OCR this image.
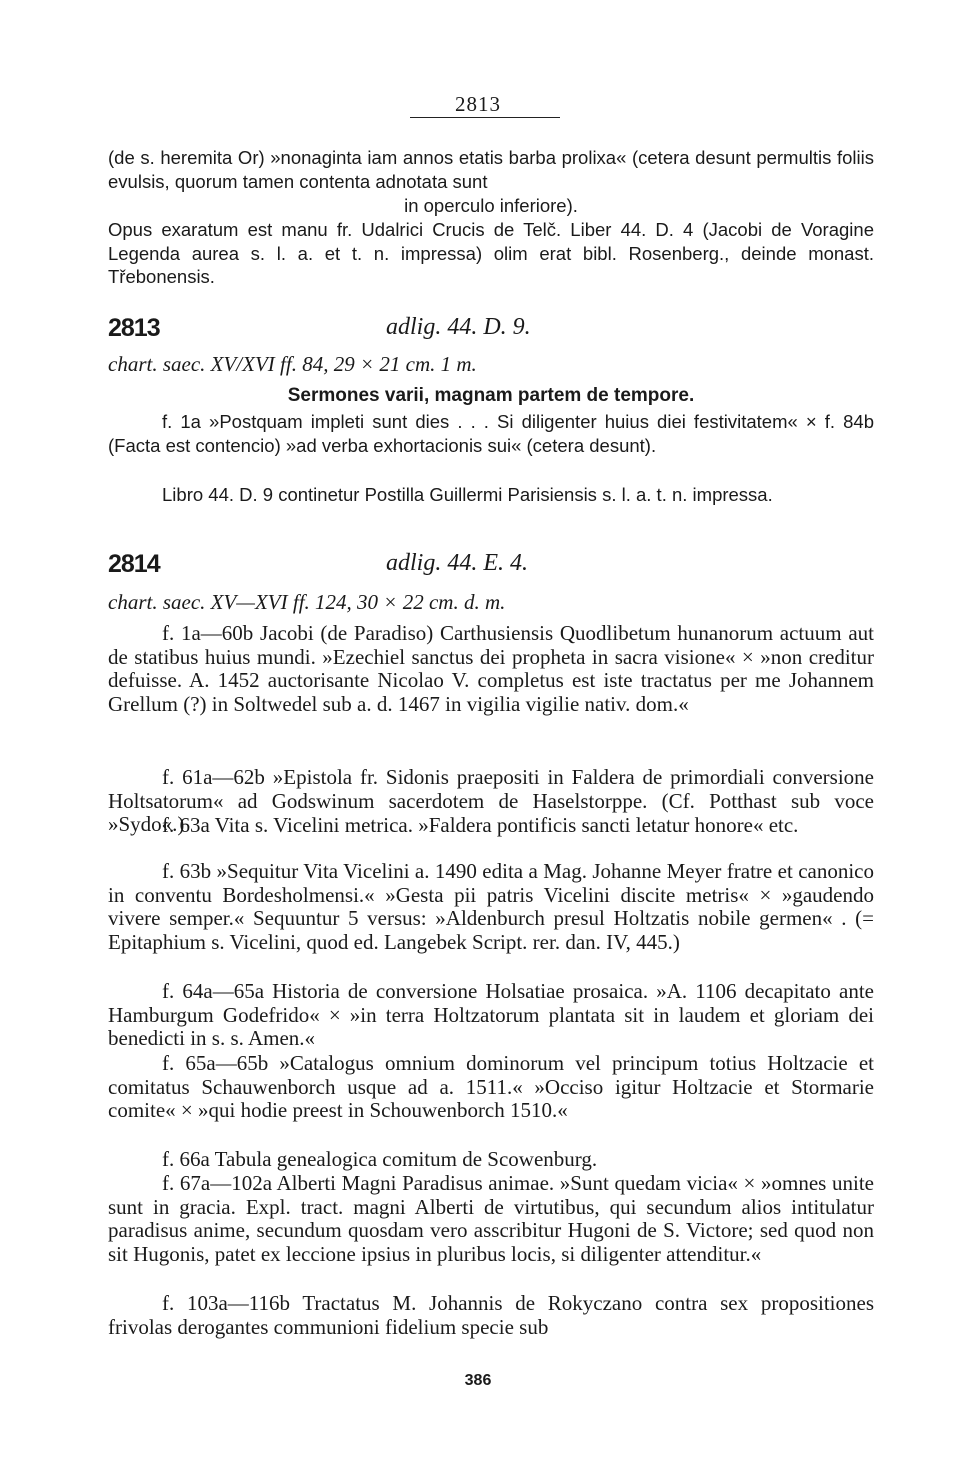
2813
(de s. heremita Or) »nonaginta iam annos etatis barba prolixa« (cetera desunt permultis foliis evulsis, quorum tamen contenta adnotata sunt
in operculo inferiore).
Opus exaratum est manu fr. Udalrici Crucis de Telč. Liber 44. D. 4 (Jacobi de Voragine Legenda aurea s. l. a. et t. n. impressa) olim erat bibl. Rosenberg., deinde monast. Třebonensis.
2813	adlig. 44. D. 9.
chart. saec. XV/XVI ff. 84, 29 × 21 cm. 1 m.
Sermones varii, magnam partem de tempore.
f. 1a »Postquam impleti sunt dies . . . Si diligenter huius diei festivitatem« × f. 84b (Facta est contencio) »ad verba exhortacionis sui« (cetera desunt).
Libro 44. D. 9 continetur Postilla Guillermi Parisiensis s. l. a. t. n. impressa.
2814	adlig. 44. E. 4.
chart. saec. XV—XVI ff. 124, 30 × 22 cm. d. m.
f. 1a—60b Jacobi (de Paradiso) Carthusiensis Quodlibetum hunanorum actuum aut de statibus huius mundi. »Ezechiel sanctus dei propheta in sacra visione« × »non creditur defuisse. A. 1452 auctorisante Nicolao V. completus est iste tractatus per me Johannem Grellum (?) in Soltwedel sub a. d. 1467 in vigilia vigilie nativ. dom.«
f. 61a—62b »Epistola fr. Sidonis praepositi in Faldera de primordiali conversione Holtsatorum« ad Godswinum sacerdotem de Haselstorppe. (Cf. Potthast sub voce »Sydo«.)
f. 63a Vita s. Vicelini metrica. »Faldera pontificis sancti letatur honore« etc.
f. 63b »Sequitur Vita Vicelini a. 1490 edita a Mag. Johanne Meyer fratre et canonico in conventu Bordesholmensi.« »Gesta pii patris Vicelini discite metris« × »gaudendo vivere semper.« Sequuntur 5 versus: »Aldenburch presul Holtzatis nobile germen« . (= Epitaphium s. Vicelini, quod ed. Langebek Script. rer. dan. IV, 445.)
f. 64a—65a Historia de conversione Holsatiae prosaica. »A. 1106 decapitato ante Hamburgum Godefrido« × »in terra Holtzatorum plantata sit in laudem et gloriam dei benedicti in s. s. Amen.«
f. 65a—65b »Catalogus omnium dominorum vel principum totius Holtzacie et comitatus Schauwenborch usque ad a. 1511.« »Occiso igitur Holtzacie et Stormarie comite« × »qui hodie preest in Schouwenborch 1510.«
f. 66a Tabula genealogica comitum de Scowenburg.
f. 67a—102a Alberti Magni Paradisus animae. »Sunt quedam vicia« × »omnes unite sunt in gracia. Expl. tract. magni Alberti de virtutibus, qui secundum alios intitulatur paradisus anime, secundum quosdam vero asscribitur Hugoni de S. Victore; sed quod non sit Hugonis, patet ex leccione ipsius in pluribus locis, si diligenter attenditur.«
f. 103a—116b Tractatus M. Johannis de Rokyczano contra sex propositiones frivolas derogantes communioni fidelium specie sub
386
